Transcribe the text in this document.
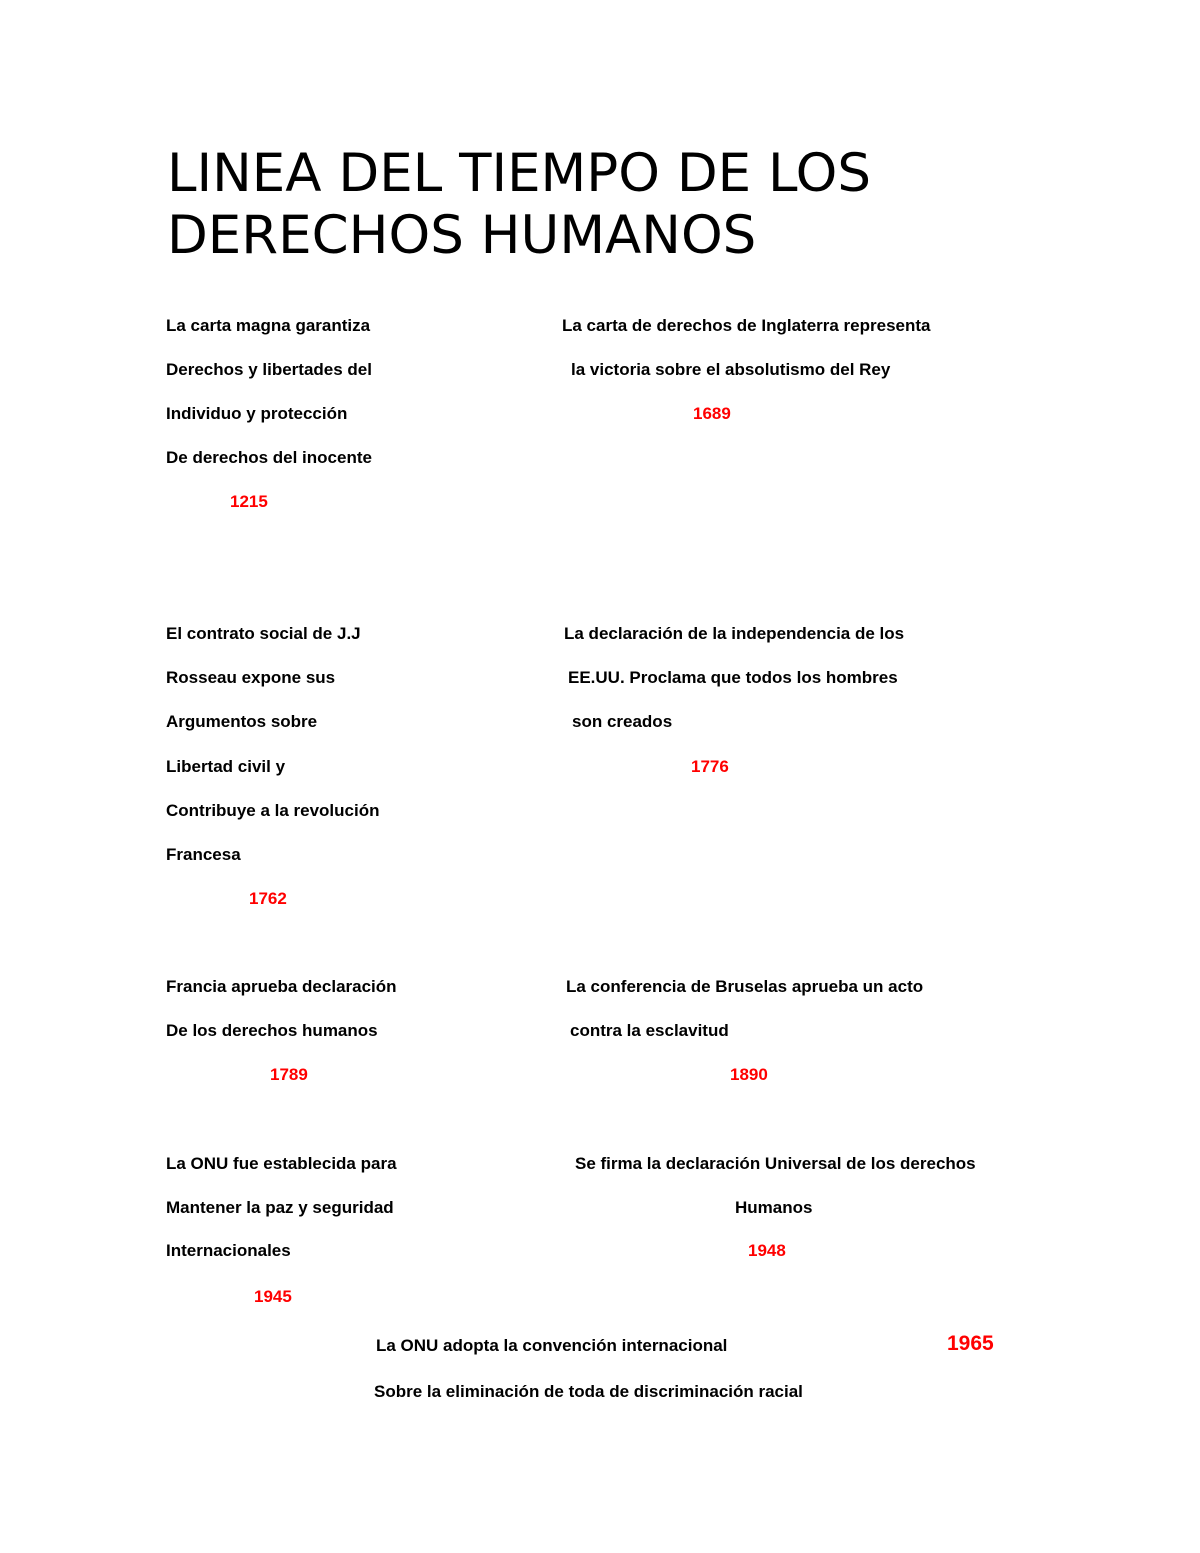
LINEA DEL TIEMPO DE LOS
DERECHOS HUMANOS
La carta magna garantiza
Derechos y libertades del
Individuo y protección
De derechos del inocente
1215
La carta de derechos de Inglaterra representa
la victoria sobre el absolutismo del Rey
1689
El contrato social de J.J
Rosseau expone sus
Argumentos sobre
Libertad civil y
Contribuye a la revolución
Francesa
1762
La declaración de la independencia de los
EE.UU. Proclama que todos los hombres
son creados
1776
Francia aprueba declaración
De los derechos humanos
1789
La conferencia de Bruselas aprueba un acto
contra la esclavitud
1890
La ONU fue establecida para
Mantener la paz y seguridad
Internacionales
1945
Se firma la declaración Universal de los derechos
Humanos
1948
La ONU adopta la convención internacional
Sobre la eliminación de toda de discriminación racial
1965
